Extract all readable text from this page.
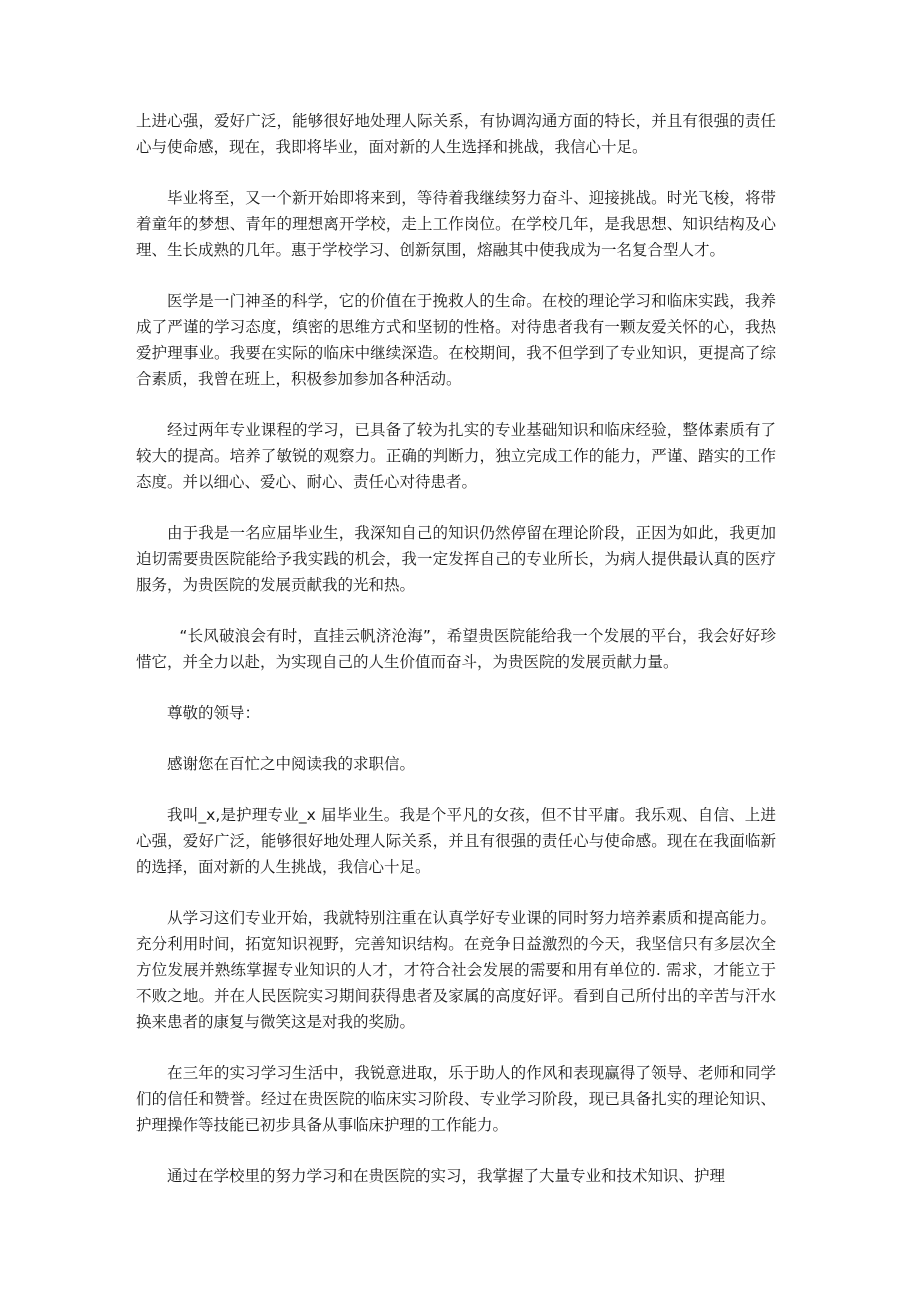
上进心强，爱好广泛，能够很好地处理人际关系，有协调沟通方面的特长，并且有很强的责任心与使命感，现在，我即将毕业，面对新的人生选择和挑战，我信心十足。

毕业将至，又一个新开始即将来到，等待着我继续努力奋斗、迎接挑战。时光飞梭，将带着童年的梦想、青年的理想离开学校，走上工作岗位。在学校几年，是我思想、知识结构及心理、生长成熟的几年。惠于学校学习、创新氛围，熔融其中使我成为一名复合型人才。

医学是一门神圣的科学，它的价值在于挽救人的生命。在校的理论学习和临床实践，我养成了严谨的学习态度，缜密的思维方式和坚韧的性格。对待患者我有一颗友爱关怀的心，我热爱护理事业。我要在实际的临床中继续深造。在校期间，我不但学到了专业知识，更提高了综合素质，我曾在班上，积极参加参加各种活动。

经过两年专业课程的学习，已具备了较为扎实的专业基础知识和临床经验，整体素质有了较大的提高。培养了敏锐的观察力。正确的判断力，独立完成工作的能力，严谨、踏实的工作态度。并以细心、爱心、耐心、责任心对待患者。

由于我是一名应届毕业生，我深知自己的知识仍然停留在理论阶段，正因为如此，我更加迫切需要贵医院能给予我实践的机会，我一定发挥自己的专业所长，为病人提供最认真的医疗服务，为贵医院的发展贡献我的光和热。

“长风破浪会有时，直挂云帆济沧海”，希望贵医院能给我一个发展的平台，我会好好珍惜它，并全力以赴，为实现自己的人生价值而奋斗，为贵医院的发展贡献力量。

尊敬的领导：

感谢您在百忙之中阅读我的求职信。

我叫_x,是护理专业_x 届毕业生。我是个平凡的女孩，但不甘平庸。我乐观、自信、上进心强，爱好广泛，能够很好地处理人际关系，并且有很强的责任心与使命感。现在在我面临新的选择，面对新的人生挑战，我信心十足。

从学习这们专业开始，我就特别注重在认真学好专业课的同时努力培养素质和提高能力。充分利用时间，拓宽知识视野，完善知识结构。在竞争日益激烈的今天，我坚信只有多层次全方位发展并熟练掌握专业知识的人才，才符合社会发展的需要和用有单位的. 需求，才能立于不败之地。并在人民医院实习期间获得患者及家属的高度好评。看到自己所付出的辛苦与汗水换来患者的康复与微笑这是对我的奖励。

在三年的实习学习生活中，我锐意进取，乐于助人的作风和表现赢得了领导、老师和同学们的信任和赞誉。经过在贵医院的临床实习阶段、专业学习阶段，现已具备扎实的理论知识、护理操作等技能已初步具备从事临床护理的工作能力。

通过在学校里的努力学习和在贵医院的实习，我掌握了大量专业和技术知识、护理
